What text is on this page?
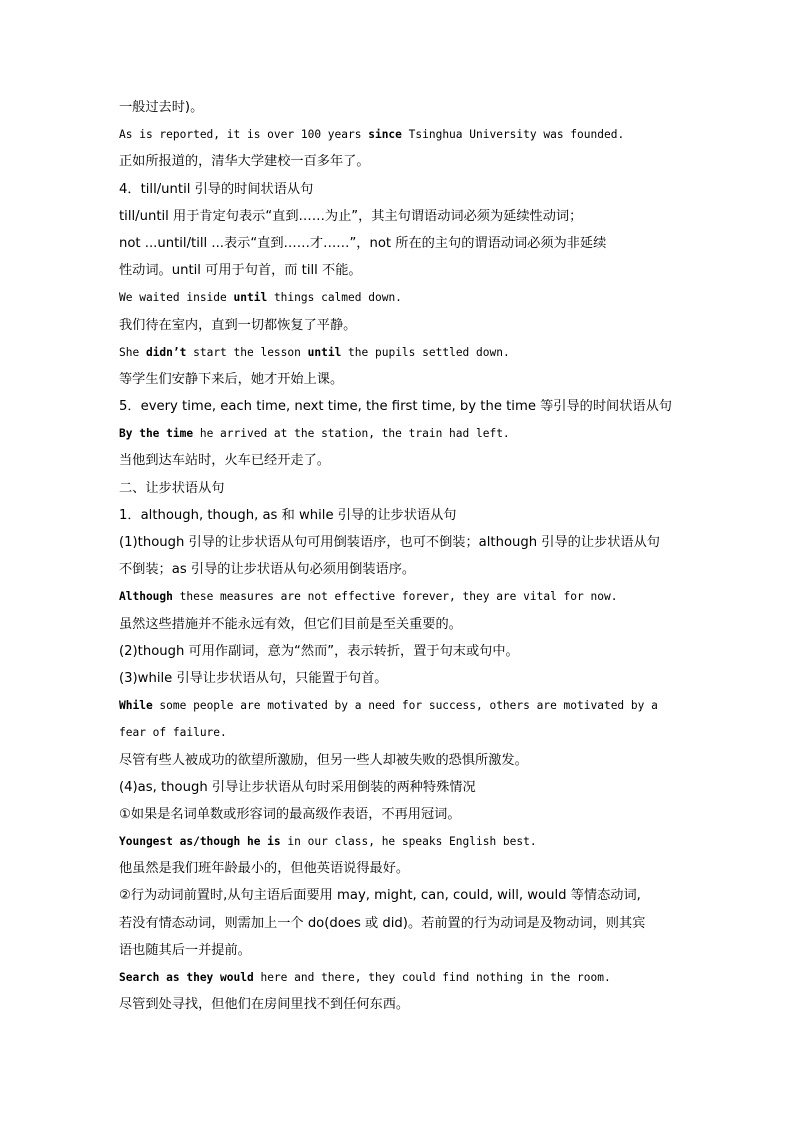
一般过去时)。
As is reported, it is over 100 years since Tsinghua University was founded.
正如所报道的，清华大学建校一百多年了。
4．till/until 引导的时间状语从句
till/until 用于肯定句表示“直到……为止”，其主句谓语动词必须为延续性动词；
not ...until/till ...表示“直到……才……”，not 所在的主句的谓语动词必须为非延续
性动词。until 可用于句首，而 till 不能。
We waited inside until things calmed down.
我们待在室内，直到一切都恢复了平静。
She didn’t start the lesson until the pupils settled down.
等学生们安静下来后，她才开始上课。
5．every time, each time, next time, the first time, by the time 等引导的时间状语从句
By the time he arrived at the station, the train had left.
当他到达车站时，火车已经开走了。
二、让步状语从句
1．although, though, as 和 while 引导的让步状语从句
(1)though 引导的让步状语从句可用倒装语序，也可不倒装；although 引导的让步状语从句
不倒装；as 引导的让步状语从句必须用倒装语序。
Although these measures are not effective forever, they are vital for now.
虽然这些措施并不能永远有效，但它们目前是至关重要的。
(2)though 可用作副词，意为“然而”，表示转折，置于句末或句中。
(3)while 引导让步状语从句，只能置于句首。
While some people are motivated by a need for success, others are motivated by a
fear of failure.
尽管有些人被成功的欲望所激励，但另一些人却被失败的恐惧所激发。
(4)as, though 引导让步状语从句时采用倒装的两种特殊情况
①如果是名词单数或形容词的最高级作表语，不再用冠词。
Youngest as/though he is in our class, he speaks English best.
他虽然是我们班年龄最小的，但他英语说得最好。
②行为动词前置时,从句主语后面要用 may, might, can, could, will, would 等情态动词,
若没有情态动词，则需加上一个 do(does 或 did)。若前置的行为动词是及物动词，则其宾
语也随其后一并提前。
Search as they would here and there, they could find nothing in the room.
尽管到处寻找，但他们在房间里找不到任何东西。
